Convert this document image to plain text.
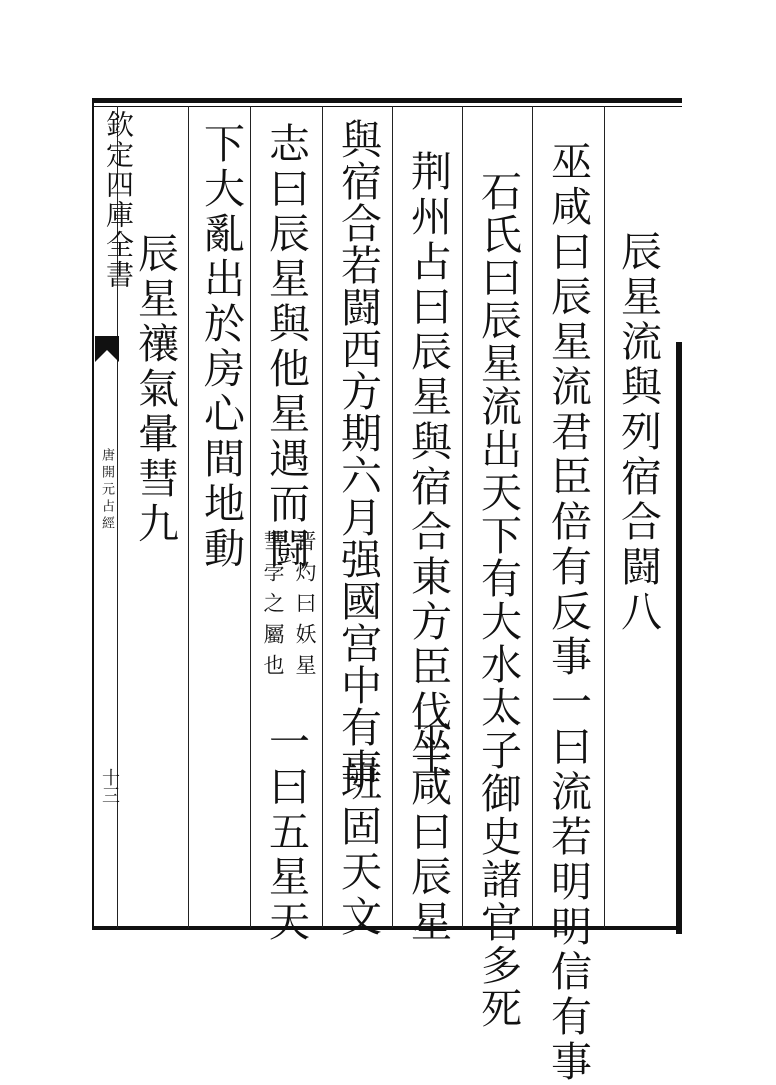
欽定四庫全書
唐開元占經
十三
辰星流與列宿合闘八
巫咸曰辰星流君臣倍有反事一曰流若明明信有事
石氏曰辰星流出天下有大水太子御史諸官多死
荆州占曰辰星與宿合東方臣伐主
巫咸曰辰星
與宿合若闘西方期六月强國宫中有事
班固天文
志曰辰星與他星遇而闘
晋灼曰妖星
彗孛之屬也
一曰五星天
下大亂出於房心間地動
辰星禳氣暈彗九
